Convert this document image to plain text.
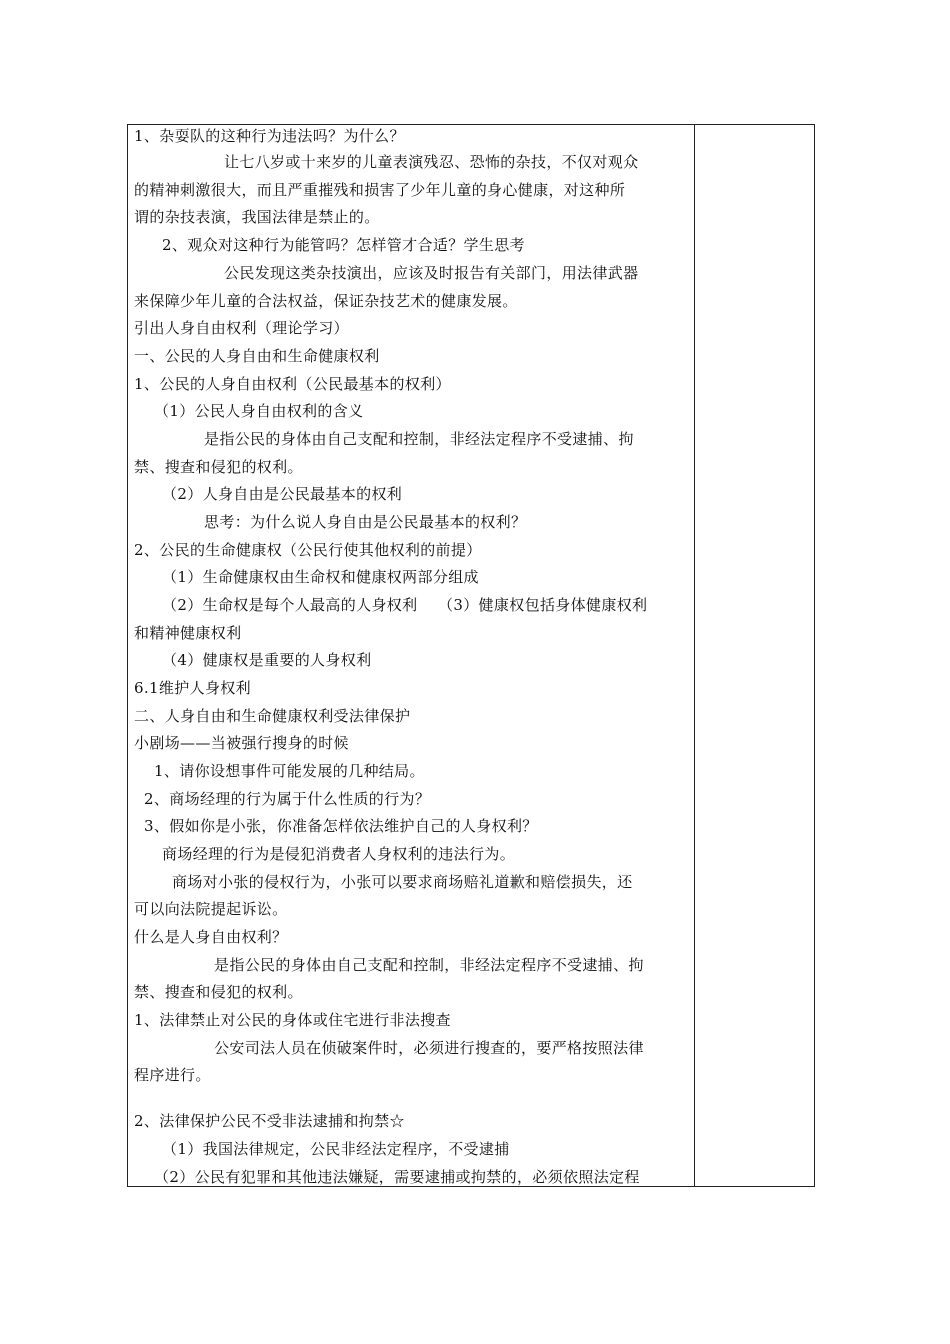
1、杂耍队的这种行为违法吗？为什么？
让七八岁或十来岁的儿童表演残忍、恐怖的杂技，不仅对观众
的精神刺激很大，而且严重摧残和损害了少年儿童的身心健康，对这种所
谓的杂技表演，我国法律是禁止的。
2、观众对这种行为能管吗？怎样管才合适？学生思考
公民发现这类杂技演出，应该及时报告有关部门，用法律武器
来保障少年儿童的合法权益，保证杂技艺术的健康发展。
引出人身自由权利（理论学习）
一、公民的人身自由和生命健康权利
1、公民的人身自由权利（公民最基本的权利）
（1）公民人身自由权利的含义
是指公民的身体由自己支配和控制，非经法定程序不受逮捕、拘
禁、搜查和侵犯的权利。
（2）人身自由是公民最基本的权利
思考：为什么说人身自由是公民最基本的权利？
2、公民的生命健康权（公民行使其他权利的前提）
（1）生命健康权由生命权和健康权两部分组成
（2）生命权是每个人最高的人身权利　 （3）健康权包括身体健康权利
和精神健康权利
（4）健康权是重要的人身权利
6.1维护人身权利
二、人身自由和生命健康权利受法律保护
小剧场——当被强行搜身的时候
1、请你设想事件可能发展的几种结局。
2、商场经理的行为属于什么性质的行为？
3、假如你是小张，你准备怎样依法维护自己的人身权利？
商场经理的行为是侵犯消费者人身权利的违法行为。
商场对小张的侵权行为，小张可以要求商场赔礼道歉和赔偿损失，还
可以向法院提起诉讼。
什么是人身自由权利？
是指公民的身体由自己支配和控制，非经法定程序不受逮捕、拘
禁、搜查和侵犯的权利。
1、法律禁止对公民的身体或住宅进行非法搜查
公安司法人员在侦破案件时，必须进行搜查的，要严格按照法律
程序进行。
2、法律保护公民不受非法逮捕和拘禁☆
（1）我国法律规定，公民非经法定程序，不受逮捕
（2）公民有犯罪和其他违法嫌疑，需要逮捕或拘禁的，必须依照法定程
